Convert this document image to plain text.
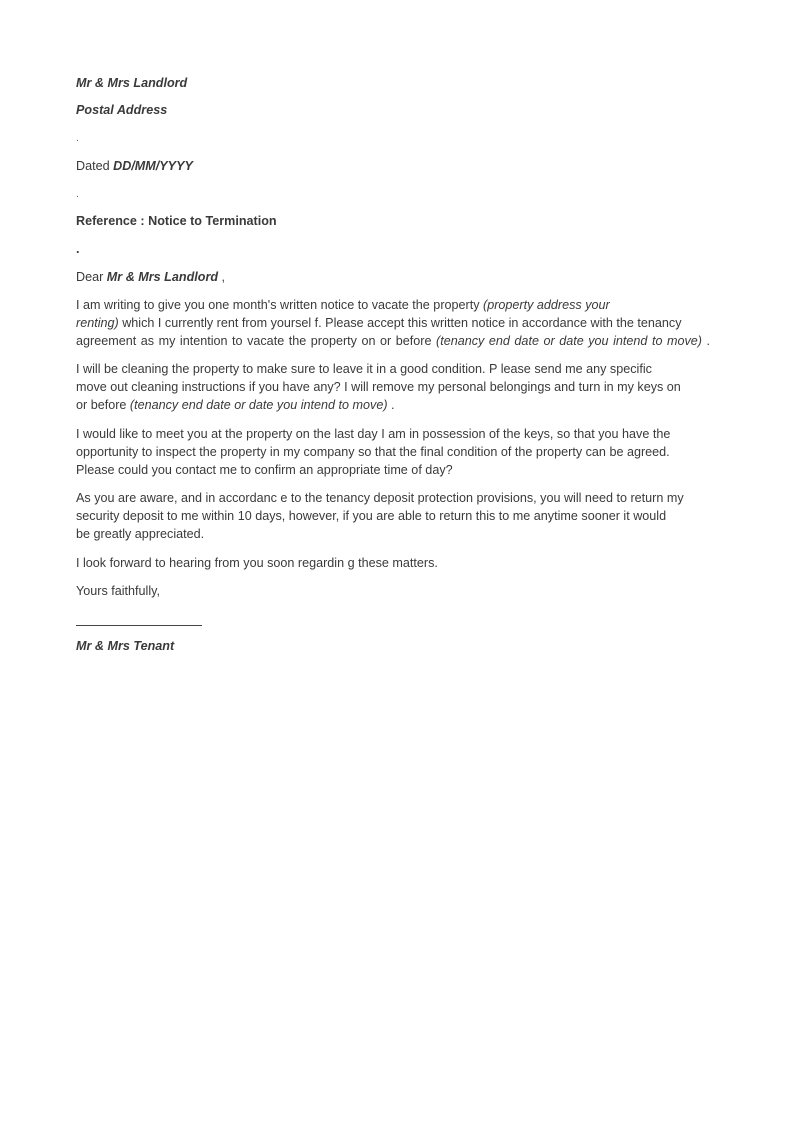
Mr & Mrs Landlord
Postal Address
.
Dated DD/MM/YYYY
.
Reference : Notice to Termination
.
Dear Mr & Mrs Landlord ,
I am writing to give you one month's written notice to vacate the property (property address your
renting) which I currently rent from yoursel f. Please accept this written notice in accordance with the tenancy
agreement as my intention to vacate the property on or before (tenancy end date or date you intend to move) .
I will be cleaning the property to make sure to leave it in a good condition. P lease send me any specific
move out cleaning instructions if you have any? I will remove my personal belongings and turn in my keys on
or before (tenancy end date or date you intend to move) .
I would like to meet you at the property on the last day I am in possession of the keys, so that you have the
opportunity to inspect the property in my company so that the final condition of the property can be agreed.
Please could you contact me to confirm an appropriate time of day?
As you are aware, and in accordanc e to the tenancy deposit protection provisions, you will need to return my
security deposit to me within 10 days, however, if you are able to return this to me anytime sooner it would
be greatly appreciated.
I look forward to hearing from you soon regardin g these matters.
Yours faithfully,
Mr & Mrs Tenant
